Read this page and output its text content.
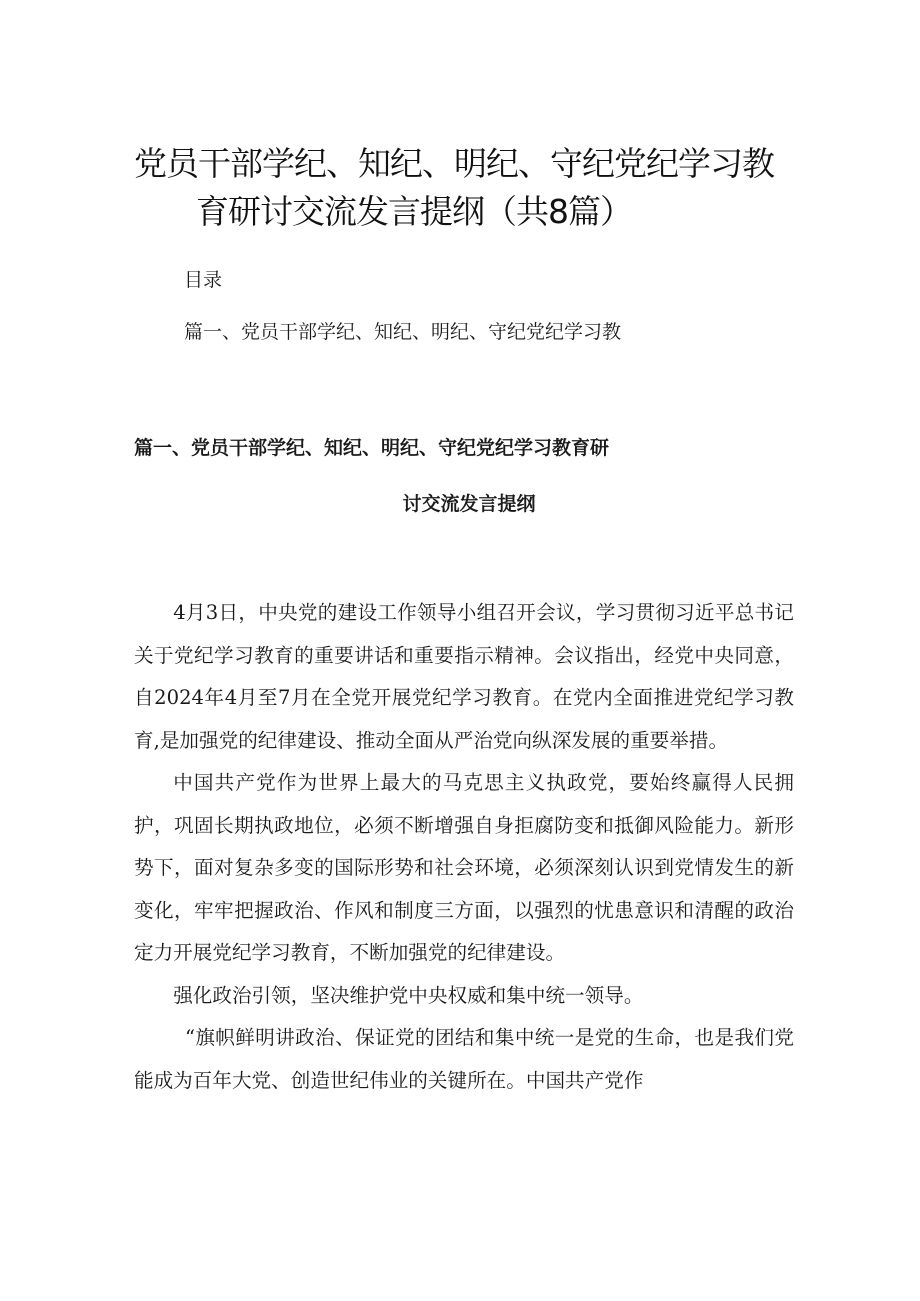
党员干部学纪、知纪、明纪、守纪党纪学习教
育研讨交流发言提纲（共8篇）
目录
篇一、党员干部学纪、知纪、明纪、守纪党纪学习教
篇一、党员干部学纪、知纪、明纪、守纪党纪学习教育研
讨交流发言提纲

4月3日，中央党的建设工作领导小组召开会议，学习贯彻习近平总书记关于党纪学习教育的重要讲话和重要指示精神。会议指出，经党中央同意，自2024年4月至7月在全党开展党纪学习教育。在党内全面推进党纪学习教育,是加强党的纪律建设、推动全面从严治党向纵深发展的重要举措。

中国共产党作为世界上最大的马克思主义执政党，要始终赢得人民拥护，巩固长期执政地位，必须不断增强自身拒腐防变和抵御风险能力。新形势下，面对复杂多变的国际形势和社会环境，必须深刻认识到党情发生的新变化，牢牢把握政治、作风和制度三方面，以强烈的忧患意识和清醒的政治定力开展党纪学习教育，不断加强党的纪律建设。

强化政治引领，坚决维护党中央权威和集中统一领导。

“旗帜鲜明讲政治、保证党的团结和集中统一是党的生命，也是我们党能成为百年大党、创造世纪伟业的关键所在。中国共产党作
